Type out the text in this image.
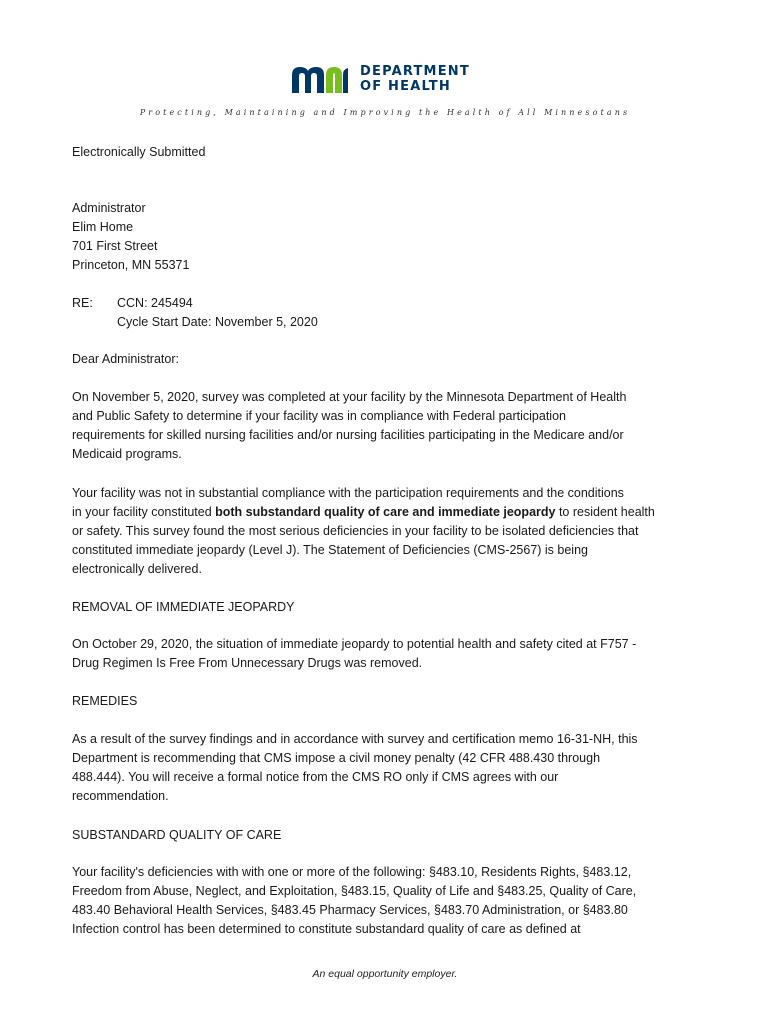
DEPARTMENT
OF HEALTH
Protecting, Maintaining and Improving the Health of All Minnesotans
Electronically Submitted
Administrator
Elim Home
701 First Street
Princeton, MN 55371
RE:	CCN: 245494
Cycle Start Date: November 5, 2020
Dear Administrator:
On November 5, 2020, survey was completed at your facility by the Minnesota Department of Health
and Public Safety to determine if your facility was in compliance with Federal participation
requirements for skilled nursing facilities and/or nursing facilities participating in the Medicare and/or
Medicaid programs.
Your facility was not in substantial compliance with the participation requirements and the conditions
in your facility constituted both substandard quality of care and immediate jeopardy to resident health
or safety. This survey found the most serious deficiencies in your facility to be isolated deficiencies that
constituted immediate jeopardy (Level J). The Statement of Deficiencies (CMS-2567) is being
electronically delivered.
REMOVAL OF IMMEDIATE JEOPARDY
On October 29, 2020, the situation of immediate jeopardy to potential health and safety cited at F757 -
Drug Regimen Is Free From Unnecessary Drugs was removed.
REMEDIES
As a result of the survey findings and in accordance with survey and certification memo 16-31-NH, this
Department is recommending that CMS impose a civil money penalty (42 CFR 488.430 through
488.444). You will receive a formal notice from the CMS RO only if CMS agrees with our
recommendation.
SUBSTANDARD QUALITY OF CARE
Your facility's deficiencies with with one or more of the following: §483.10, Residents Rights, §483.12,
Freedom from Abuse, Neglect, and Exploitation, §483.15, Quality of Life and §483.25, Quality of Care,
483.40 Behavioral Health Services, §483.45 Pharmacy Services, §483.70 Administration, or §483.80
Infection control has been determined to constitute substandard quality of care as defined at
An equal opportunity employer.
